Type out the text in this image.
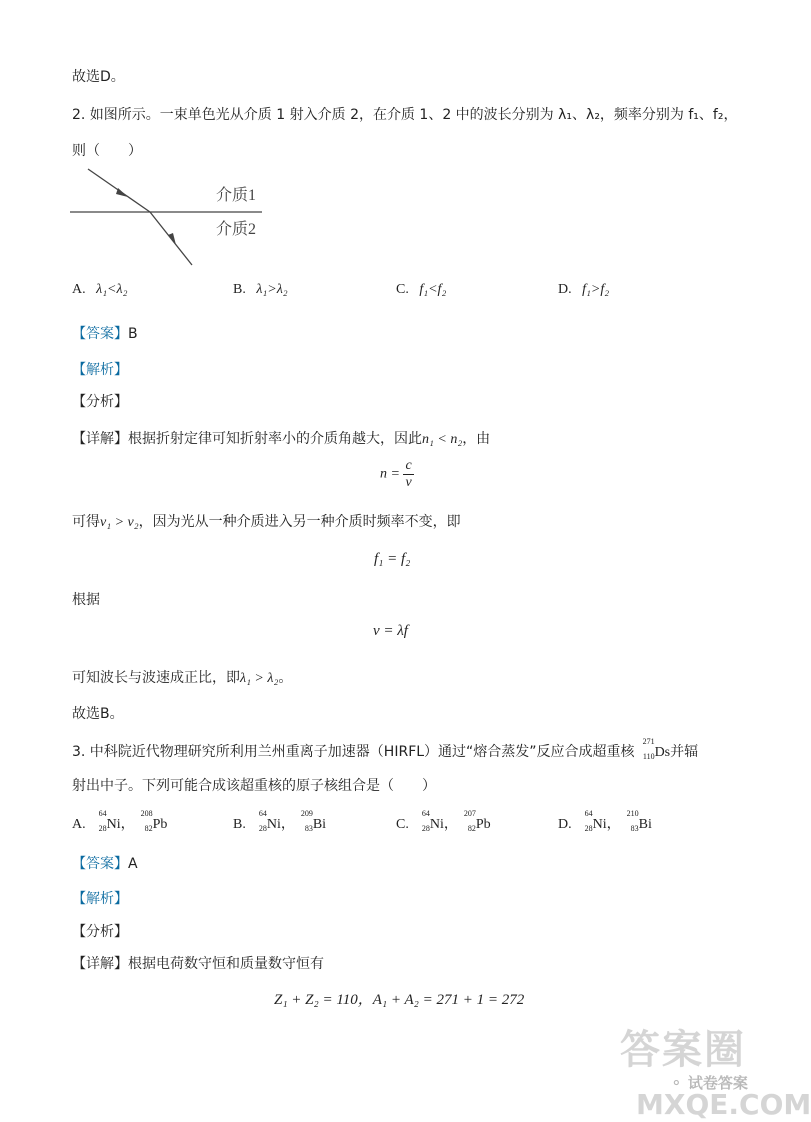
故选D。
2. 如图所示。一束单色光从介质 1 射入介质 2，在介质 1、2 中的波长分别为 λ₁、λ₂，频率分别为 f₁、f₂，
则（　　）
介质1
介质2
A. λ₁<λ₂	B. λ₁>λ₂	C. f₁<f₂	D. f₁>f₂
【答案】B
【解析】
【分析】
【详解】根据折射定律可知折射率小的介质角越大，因此n₁ < n₂，由
$n = \frac{c}{v}$
可得v₁ > v₂，因为光从一种介质进入另一种介质时频率不变，即
f₁ = f₂
根据
v = λf
可知波长与波速成正比，即λ₁ > λ₂。
故选B。
3. 中科院近代物理研究所利用兰州重离子加速器（HIRFL）通过“熔合蒸发”反应合成超重核
271
110 Ds并辐
射出中子。下列可能合成该超重核的原子核组合是（　　）
A.
64
28 Ni，
208
82 Pb	B.
64
28 Ni，
209
83 Bi	C.
64
28 Ni，
207
82 Pb	D.
64
28 Ni，
210
83 Bi
【答案】A
【解析】
【分析】
【详解】根据电荷数守恒和质量数守恒有
Z₁ + Z₂ = 110，A₁ + A₂ = 271 + 1 = 272
答案圈
⚬ 试卷答案
MXQE.COM
